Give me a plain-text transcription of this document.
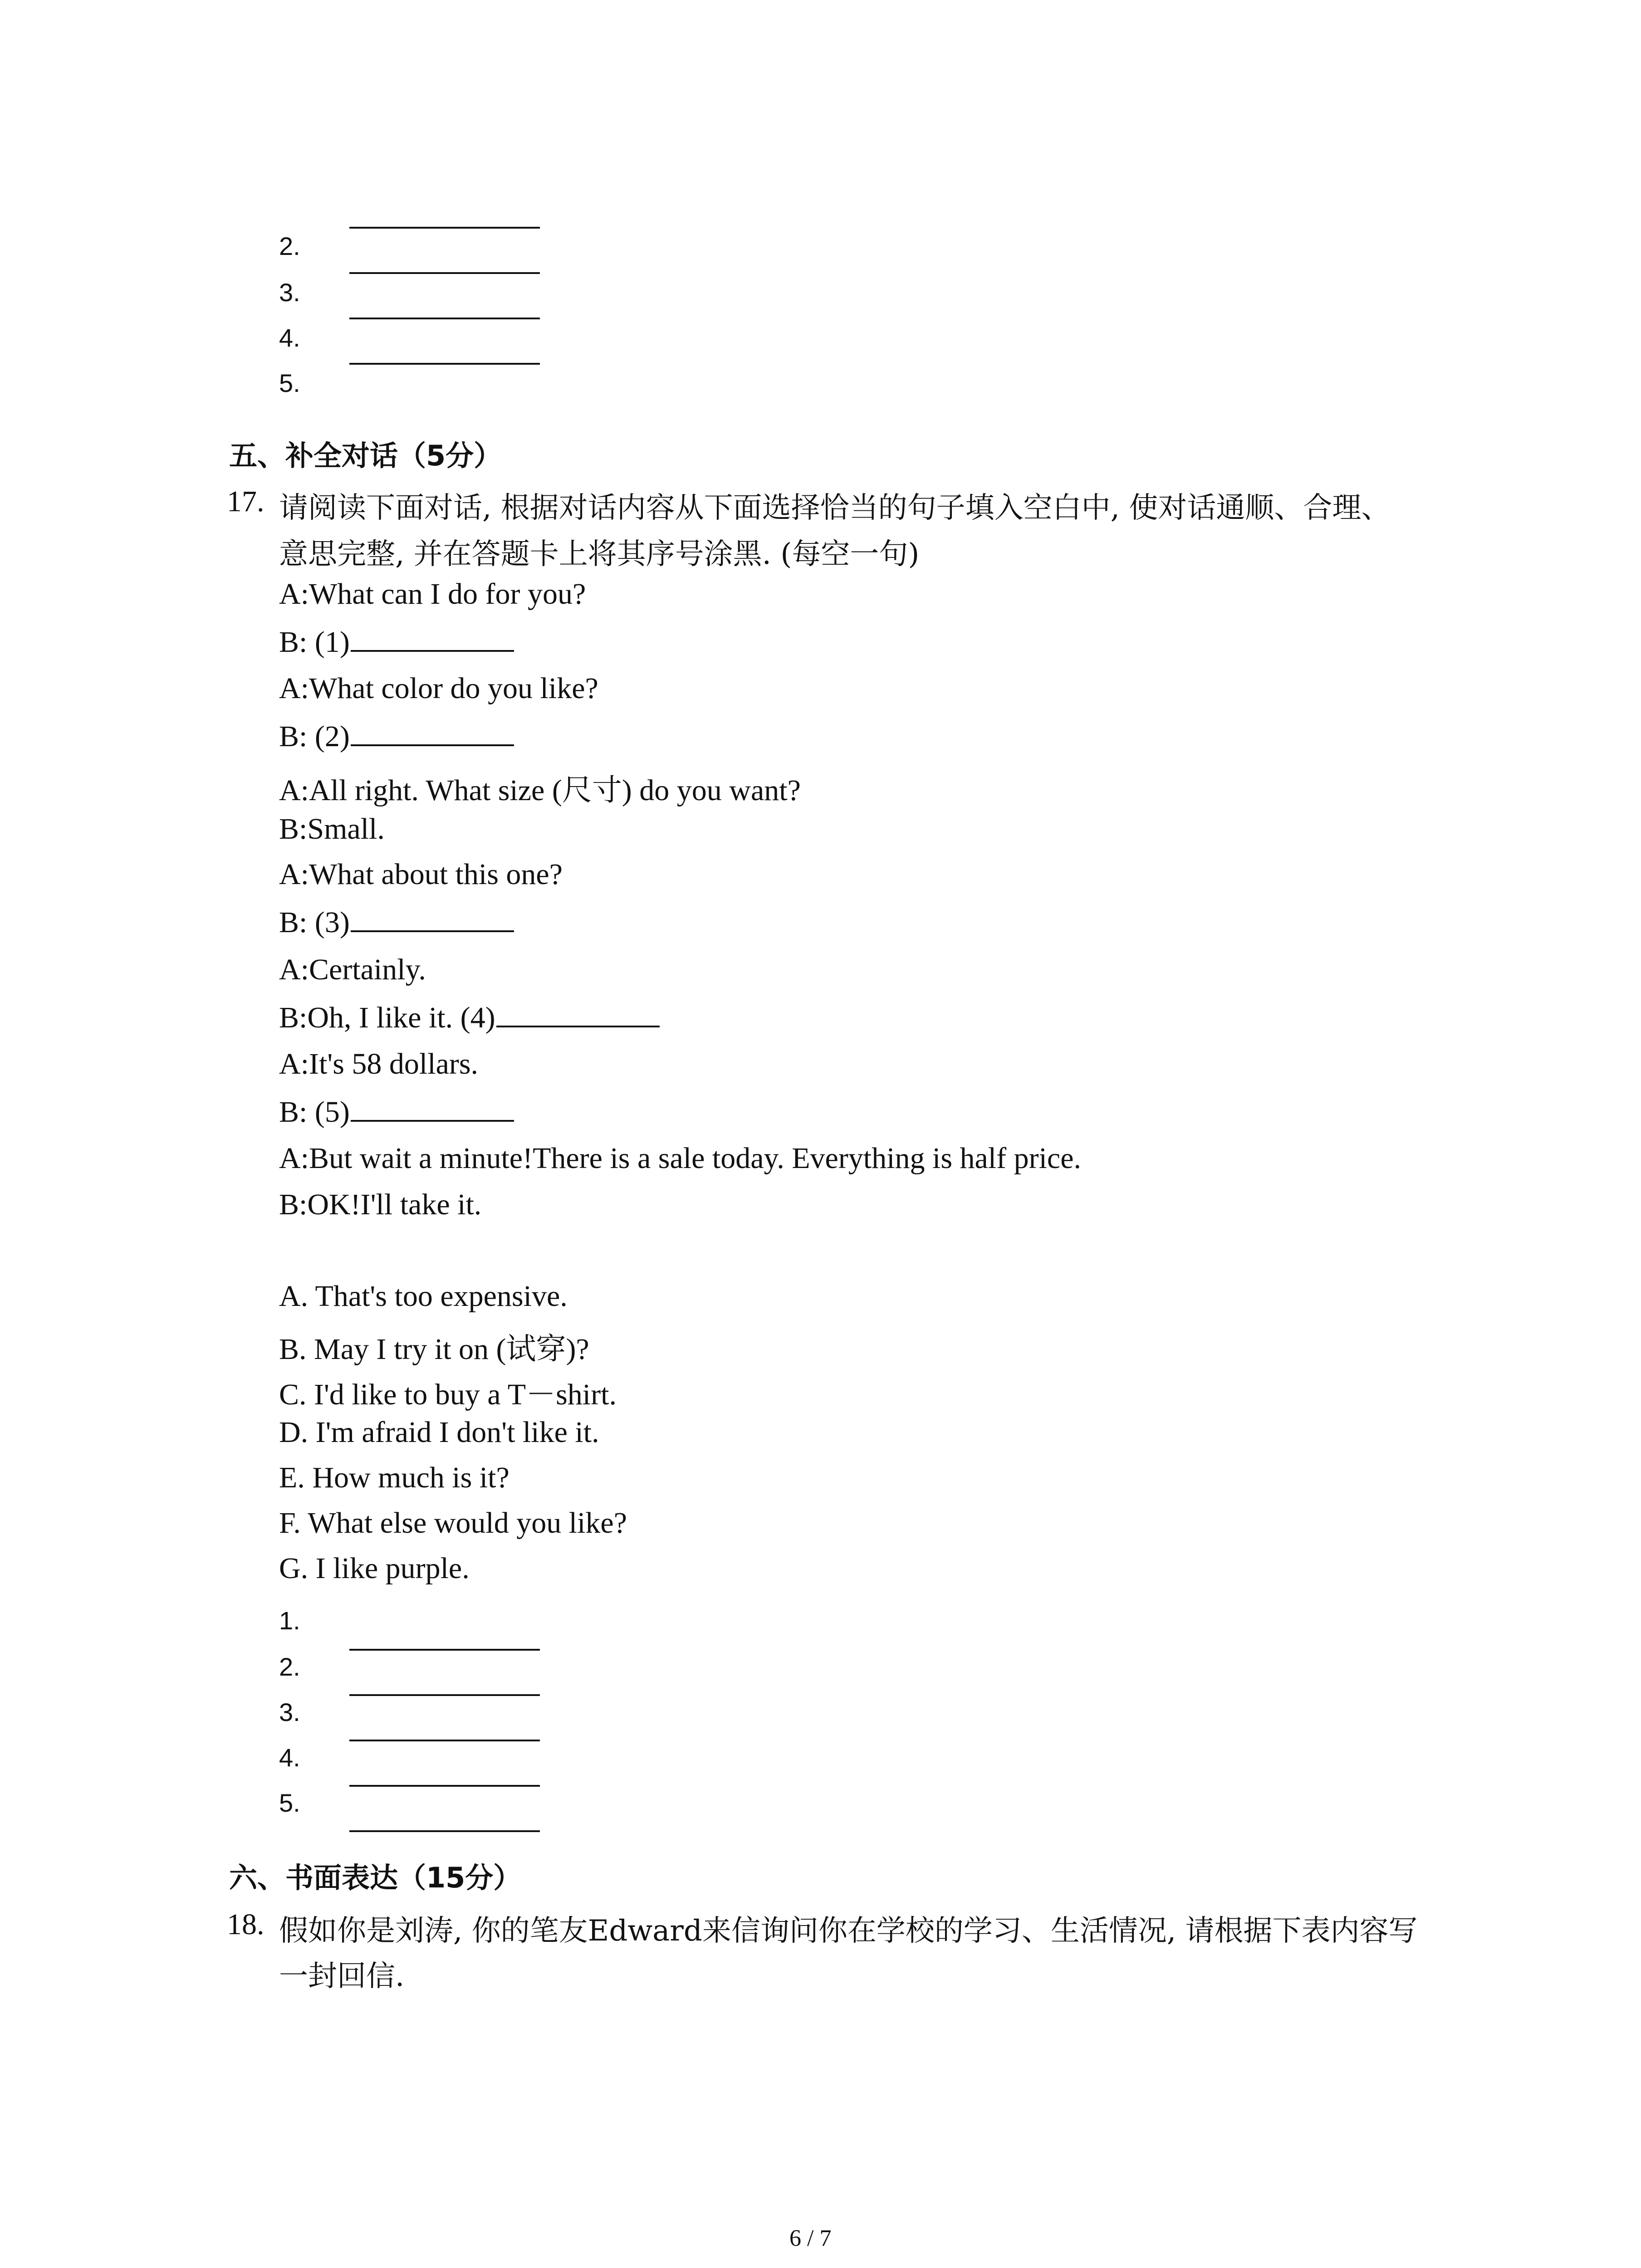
2.
3.
4.
5.
五、补全对话（5分）
17. 请阅读下面对话, 根据对话内容从下面选择恰当的句子填入空白中, 使对话通顺、合理、
意思完整, 并在答题卡上将其序号涂黑. (每空一句)
A:What can I do for you?
B: (1)
A:What color do you like?
B: (2)
A:All right. What size (尺寸) do you want?
B:Small.
A:What about this one?
B: (3)
A:Certainly.
B:Oh, I like it. (4)
A:It's 58 dollars.
B: (5)
A:But wait a minute!There is a sale today. Everything is half price.
B:OK!I'll take it.
A. That's too expensive.
B. May I try it on (试穿)?
C. I'd like to buy a T－shirt.
D. I'm afraid I don't like it.
E. How much is it?
F. What else would you like?
G. I like purple.
1.
2.
3.
4.
5.
六、书面表达（15分）
18. 假如你是刘涛, 你的笔友Edward来信询问你在学校的学习、生活情况, 请根据下表内容写
一封回信.
6 / 7
